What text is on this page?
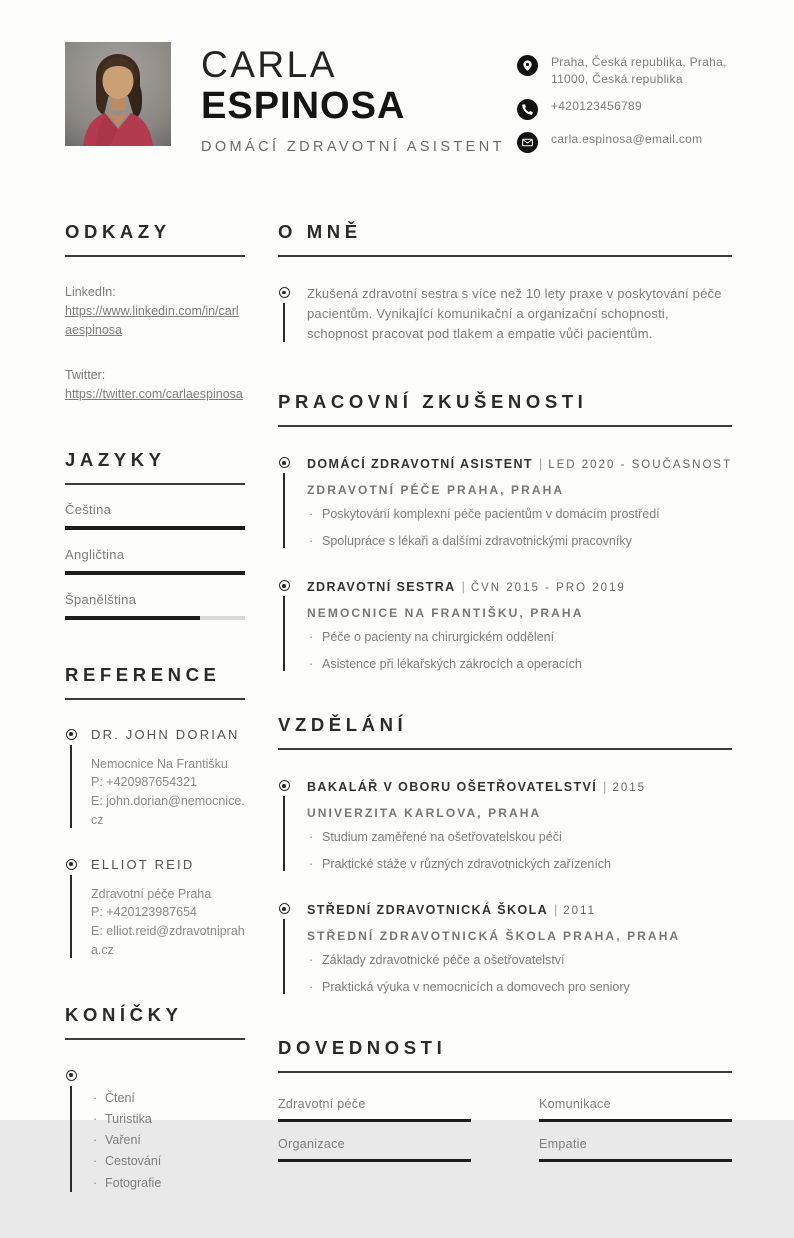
CARLA
ESPINOSA
DOMÁCÍ ZDRAVOTNÍ ASISTENT
Praha, Česká republika, Praha, 11000, Česká republika
+420123456789
carla.espinosa@email.com
ODKAZY
LinkedIn:
https://www.linkedin.com/in/carlaespinosa
Twitter:
https://twitter.com/carlaespinosa
JAZYKY
Čeština
Angličtina
Španělština
REFERENCE
DR. JOHN DORIAN
Nemocnice Na Františku
P: +420987654321
E: john.dorian@nemocnice.cz
ELLIOT REID
Zdravotní péče Praha
P: +420123987654
E: elliot.reid@zdravotnipraha.cz
KONÍČKY
· Čtení
· Turistika
· Vaření
· Cestování
· Fotografie
O MNĚ
Zkušená zdravotní sestra s více než 10 lety praxe v poskytování péče pacientům. Vynikající komunikační a organizační schopnosti, schopnost pracovat pod tlakem a empatie vůči pacientům.
PRACOVNÍ ZKUŠENOSTI
DOMÁCÍ ZDRAVOTNÍ ASISTENT | LED 2020 - SOUČASNOST
ZDRAVOTNÍ PÉČE PRAHA, PRAHA
· Poskytování komplexní péče pacientům v domácím prostředí
· Spolupráce s lékaři a dalšími zdravotnickými pracovníky
ZDRAVOTNÍ SESTRA | ČVN 2015 - PRO 2019
NEMOCNICE NA FRANTIŠKU, PRAHA
· Péče o pacienty na chirurgickém oddělení
· Asistence při lékařských zákrocích a operacích
VZDĚLÁNÍ
BAKALÁŘ V OBORU OŠETŘOVATELSTVÍ | 2015
UNIVERZITA KARLOVA, PRAHA
· Studium zaměřené na ošetřovatelskou péči
· Praktické stáže v různých zdravotnických zařízeních
STŘEDNÍ ZDRAVOTNICKÁ ŠKOLA | 2011
STŘEDNÍ ZDRAVOTNICKÁ ŠKOLA PRAHA, PRAHA
· Základy zdravotnické péče a ošetřovatelství
· Praktická výuka v nemocnicích a domovech pro seniory
DOVEDNOSTI
Zdravotní péče	Komunikace
Organizace	Empatie
